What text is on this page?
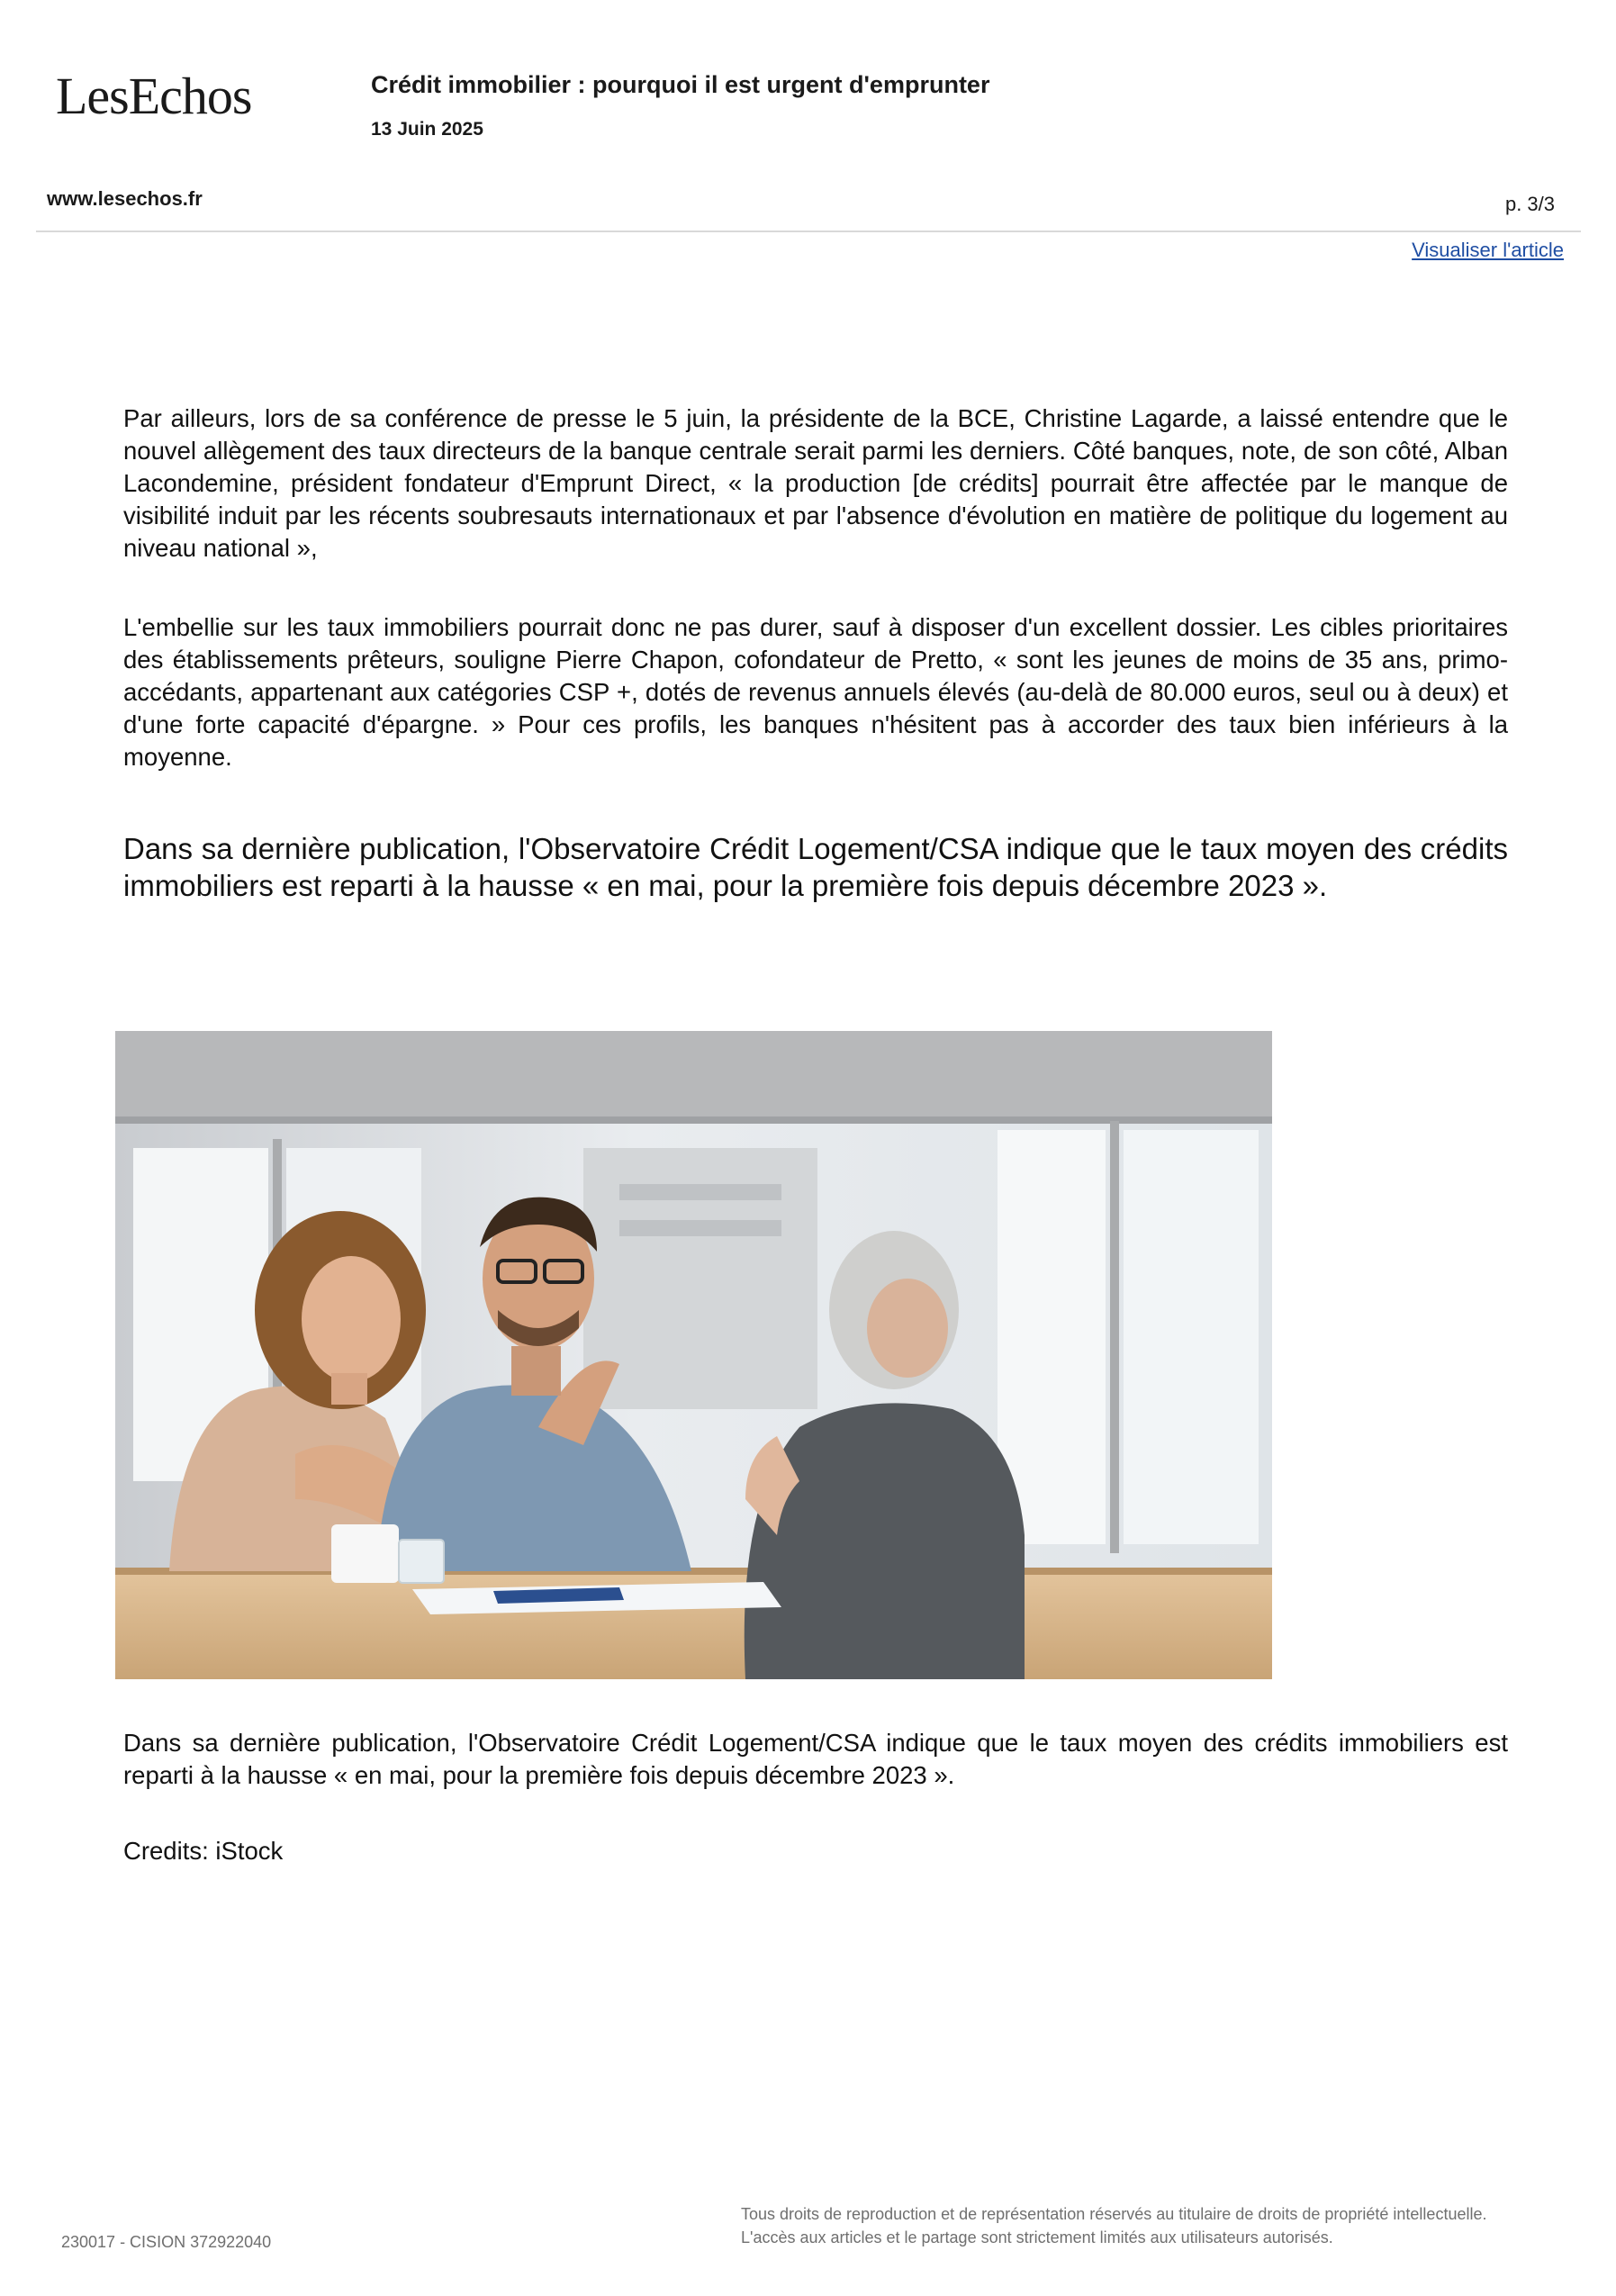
LesEchos	Crédit immobilier : pourquoi il est urgent d'emprunter
13 Juin 2025
www.lesechos.fr	p. 3/3
Visualiser l'article

Par ailleurs, lors de sa conférence de presse le 5 juin, la présidente de la BCE, Christine Lagarde, a laissé entendre que le nouvel allègement des taux directeurs de la banque centrale serait parmi les derniers. Côté banques, note, de son côté, Alban Lacondemine, président fondateur d'Emprunt Direct, « la production [de crédits] pourrait être affectée par le manque de visibilité induit par les récents soubresauts internationaux et par l'absence d'évolution en matière de politique du logement au niveau national »,

L'embellie sur les taux immobiliers pourrait donc ne pas durer, sauf à disposer d'un excellent dossier. Les cibles prioritaires des établissements prêteurs, souligne Pierre Chapon, cofondateur de Pretto, « sont les jeunes de moins de 35 ans, primo-accédants, appartenant aux catégories CSP +, dotés de revenus annuels élevés (au-delà de 80.000 euros, seul ou à deux) et d'une forte capacité d'épargne. » Pour ces profils, les banques n'hésitent pas à accorder des taux bien inférieurs à la moyenne.

Dans sa dernière publication, l'Observatoire Crédit Logement/CSA indique que le taux moyen des crédits immobiliers est reparti à la hausse « en mai, pour la première fois depuis décembre 2023 ».

Dans sa dernière publication, l'Observatoire Crédit Logement/CSA indique que le taux moyen des crédits immobiliers est reparti à la hausse « en mai, pour la première fois depuis décembre 2023 ».

Credits: iStock
230017 - CISION 372922040
Tous droits de reproduction et de représentation réservés au titulaire de droits de propriété intellectuelle.
L'accès aux articles et le partage sont strictement limités aux utilisateurs autorisés.
